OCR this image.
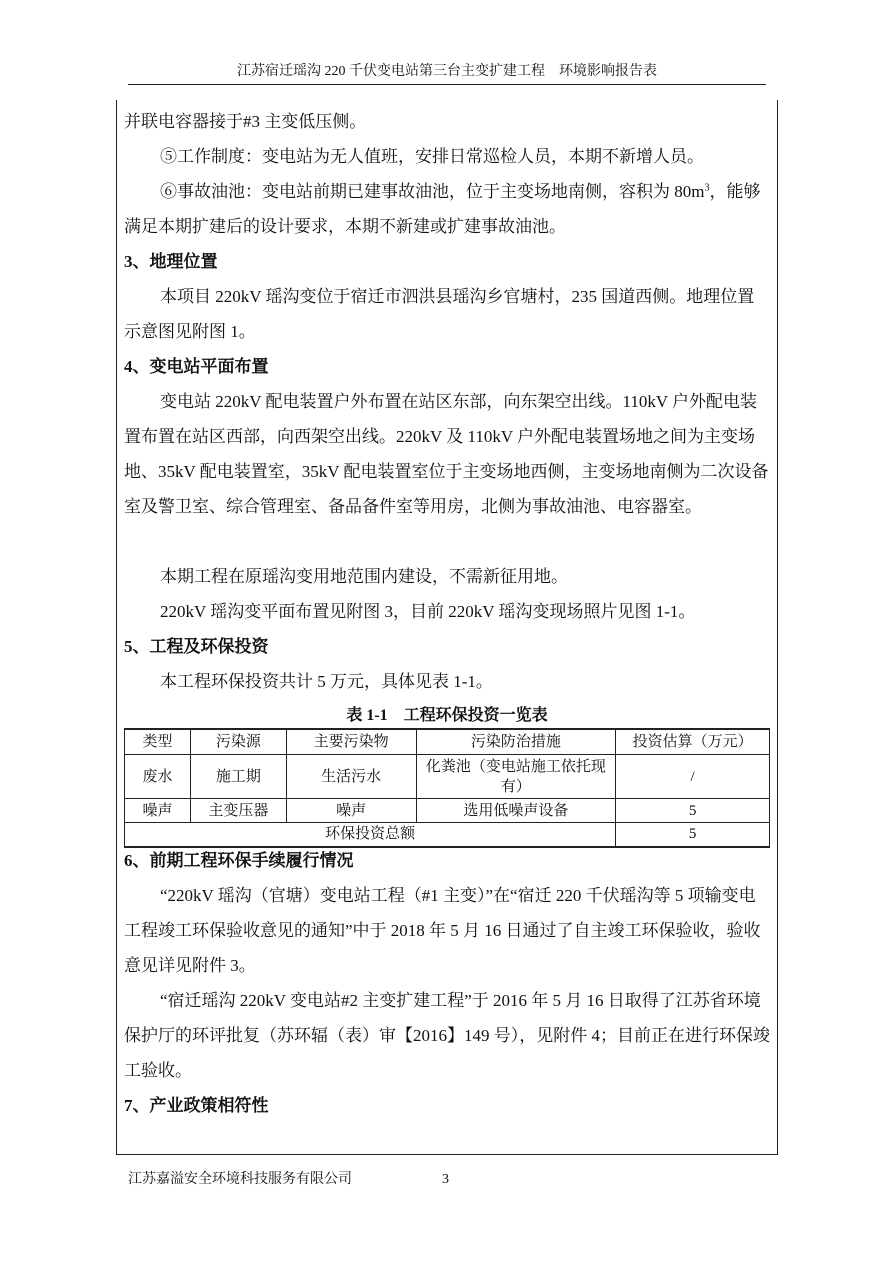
江苏宿迁瑶沟 220 千伏变电站第三台主变扩建工程　环境影响报告表

并联电容器接于#3 主变低压侧。

⑤工作制度：变电站为无人值班，安排日常巡检人员，本期不新增人员。

⑥事故油池：变电站前期已建事故油池，位于主变场地南侧，容积为 $80m^3$，能够满足本期扩建后的设计要求，本期不新建或扩建事故油池。

3、地理位置

本项目 220kV 瑶沟变位于宿迁市泗洪县瑶沟乡官塘村，235 国道西侧。地理位置示意图见附图 1。

4、变电站平面布置

变电站 220kV 配电装置户外布置在站区东部，向东架空出线。110kV 户外配电装置布置在站区西部，向西架空出线。220kV 及 110kV 户外配电装置场地之间为主变场地、35kV 配电装置室，35kV 配电装置室位于主变场地西侧，主变场地南侧为二次设备室及警卫室、综合管理室、备品备件室等用房，北侧为事故油池、电容器室。

本期工程在原瑶沟变用地范围内建设，不需新征用地。

220kV 瑶沟变平面布置见附图 3，目前 220kV 瑶沟变现场照片见图 1-1。

5、工程及环保投资

本工程环保投资共计 5 万元，具体见表 1-1。

表 1-1　工程环保投资一览表
类型	污染源	主要污染物	污染防治措施	投资估算（万元）
废水	施工期	生活污水	化粪池（变电站施工依托现有）	/
噪声	主变压器	噪声	选用低噪声设备	5
环保投资总额				5

6、前期工程环保手续履行情况

“220kV 瑶沟（官塘）变电站工程（#1 主变）”在“宿迁 220 千伏瑶沟等 5 项输变电工程竣工环保验收意见的通知”中于 2018 年 5 月 16 日通过了自主竣工环保验收，验收意见详见附件 3。

“宿迁瑶沟 220kV 变电站#2 主变扩建工程”于 2016 年 5 月 16 日取得了江苏省环境保护厅的环评批复（苏环辐（表）审【2016】149 号），见附件 4；目前正在进行环保竣工验收。

7、产业政策相符性

江苏嘉溢安全环境科技服务有限公司	3
